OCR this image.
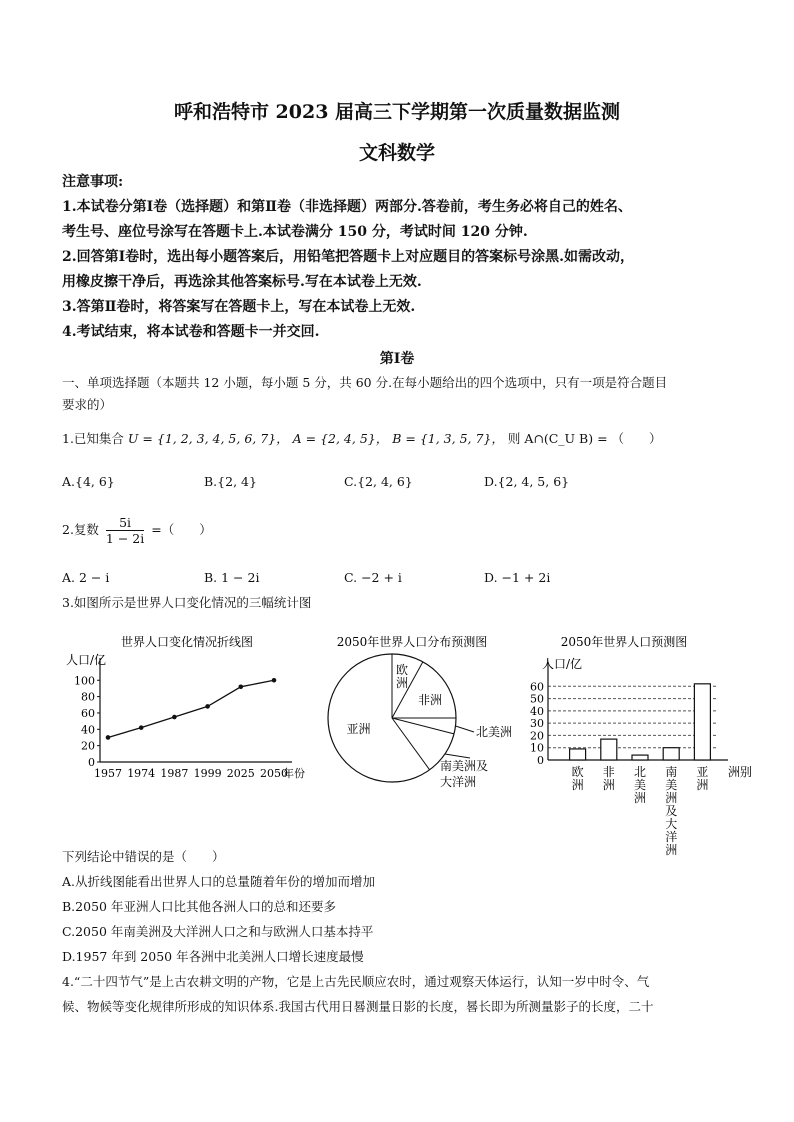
呼和浩特市 2023 届高三下学期第一次质量数据监测
文科数学
注意事项:
1.本试卷分第Ⅰ卷（选择题）和第Ⅱ卷（非选择题）两部分.答卷前，考生务必将自己的姓名、
考生号、座位号涂写在答题卡上.本试卷满分 150 分，考试时间 120 分钟.
2.回答第Ⅰ卷时，选出每小题答案后，用铅笔把答题卡上对应题目的答案标号涂黑.如需改动，
用橡皮擦干净后，再选涂其他答案标号.写在本试卷上无效.
3.答第Ⅱ卷时，将答案写在答题卡上，写在本试卷上无效.
4.考试结束，将本试卷和答题卡一并交回.
第Ⅰ卷
一、单项选择题（本题共 12 小题，每小题 5 分，共 60 分.在每小题给出的四个选项中，只有一项是符合题目
要求的）
1.已知集合 U = {1, 2, 3, 4, 5, 6, 7}， A = {2, 4, 5}， B = {1, 3, 5, 7}， 则 A∩(C_U B) = （　　）
A.{4, 6}	B.{2, 4}	C.{2, 4, 6}	D.{2, 4, 5, 6}
2.复数 $\frac{5i}{1 - 2i}$ =（　　）
A. 2 − i	B. 1 − 2i	C. −2 + i	D. −1 + 2i
3.如图所示是世界人口变化情况的三幅统计图
世界人口变化情况折线图
人口/亿
0
20
40
60
80
100
1957 1974 1987 1999 2025 2050
年份
2050年世界人口分布预测图
亚洲
欧洲
非洲
北美洲
南美洲及
大洋洲
2050年世界人口预测图
人口/亿
0
10
20
30
40
50
60
欧洲
非洲
北美洲
南美洲及大洋洲
亚洲
洲别
下列结论中错误的是（　　）
A.从折线图能看出世界人口的总量随着年份的增加而增加
B.2050 年亚洲人口比其他各洲人口的总和还要多
C.2050 年南美洲及大洋洲人口之和与欧洲人口基本持平
D.1957 年到 2050 年各洲中北美洲人口增长速度最慢
4.“二十四节气”是上古农耕文明的产物，它是上古先民顺应农时，通过观察天体运行，认知一岁中时令、气
候、物候等变化规律所形成的知识体系.我国古代用日晷测量日影的长度，晷长即为所测量影子的长度，二十
